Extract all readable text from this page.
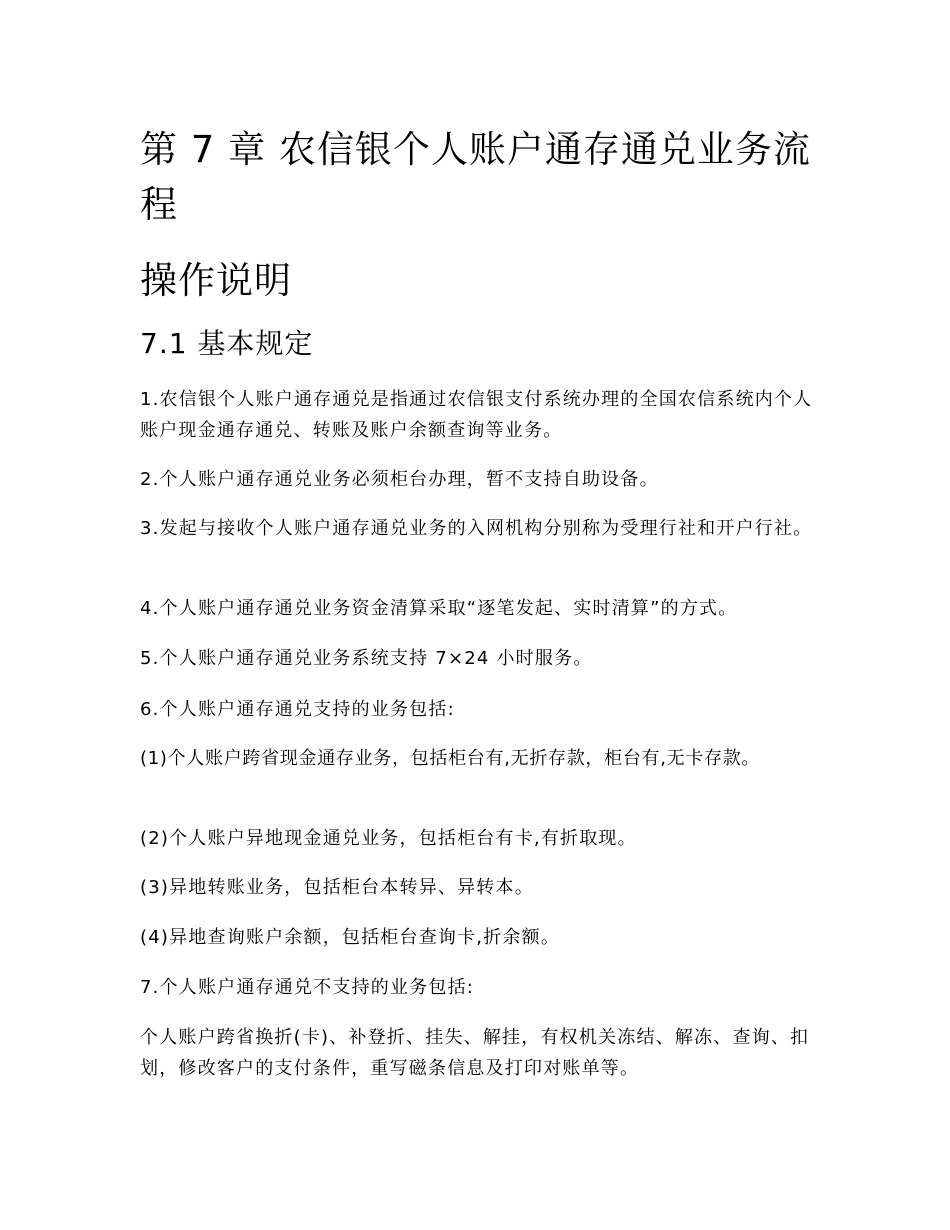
第 7 章 农信银个人账户通存通兑业务流程
操作说明
7.1 基本规定

1.农信银个人账户通存通兑是指通过农信银支付系统办理的全国农信系统内个人账户现金通存通兑、转账及账户余额查询等业务。

2.个人账户通存通兑业务必须柜台办理，暂不支持自助设备。

3.发起与接收个人账户通存通兑业务的入网机构分别称为受理行社和开户行社。

4.个人账户通存通兑业务资金清算采取“逐笔发起、实时清算”的方式。

5.个人账户通存通兑业务系统支持 7×24 小时服务。

6.个人账户通存通兑支持的业务包括:

(1)个人账户跨省现金通存业务，包括柜台有,无折存款，柜台有,无卡存款。

(2)个人账户异地现金通兑业务，包括柜台有卡,有折取现。

(3)异地转账业务，包括柜台本转异、异转本。

(4)异地查询账户余额，包括柜台查询卡,折余额。

7.个人账户通存通兑不支持的业务包括:

个人账户跨省换折(卡)、补登折、挂失、解挂，有权机关冻结、解冻、查询、扣划，修改客户的支付条件，重写磁条信息及打印对账单等。
